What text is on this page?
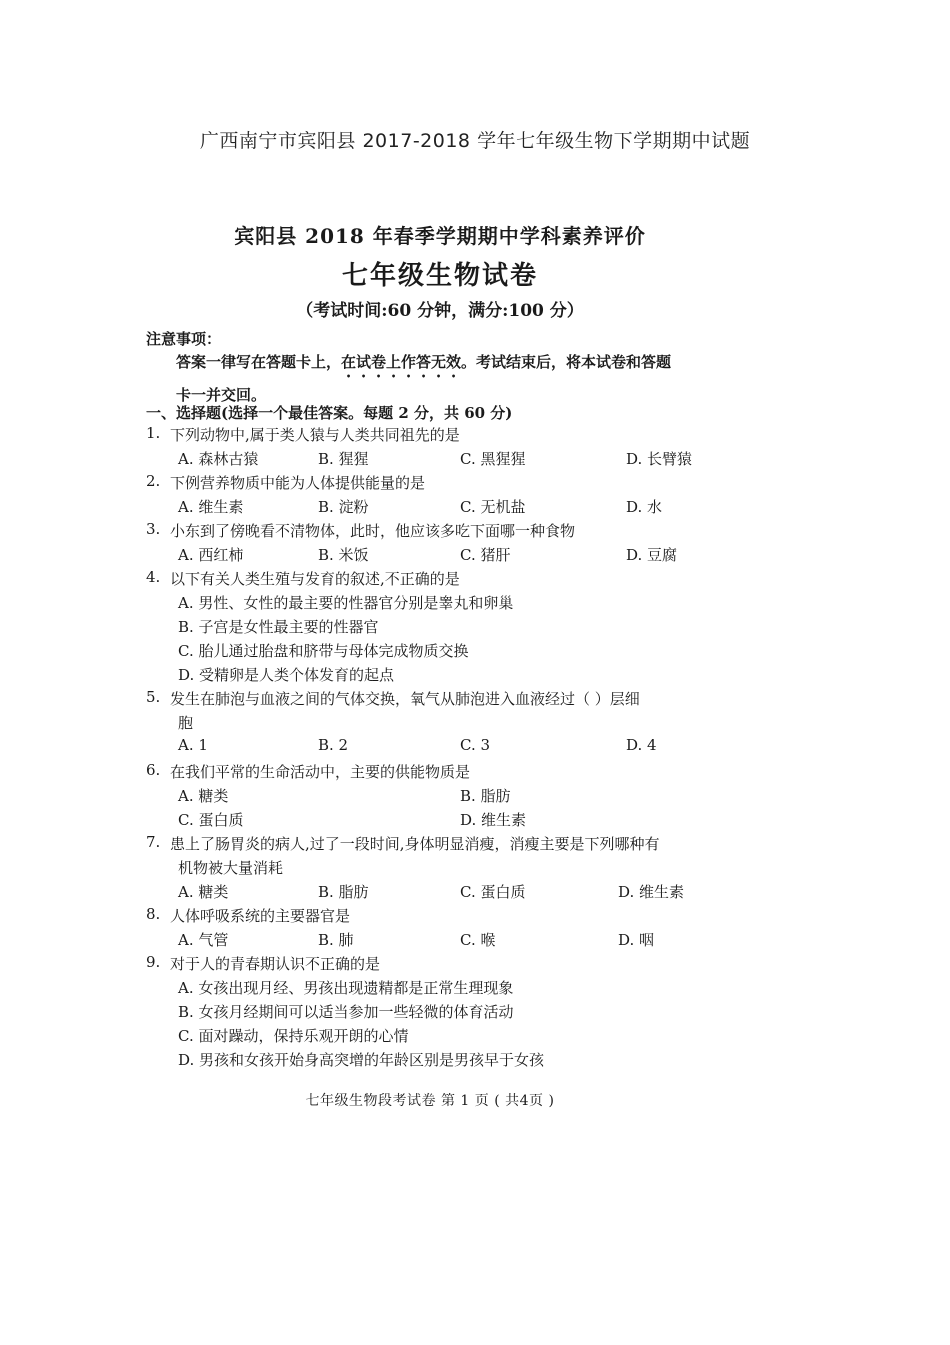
广西南宁市宾阳县 2017-2018 学年七年级生物下学期期中试题
宾阳县 2018 年春季学期期中学科素养评价
七年级生物试卷
（考试时间:60 分钟，满分:100 分）
注意事项：
答案一律写在答题卡上，在试卷上作答无效。考试结束后，将本试卷和答题
卡一并交回。
一、选择题(选择一个最佳答案。每题 2 分，共 60 分)
1. 下列动物中,属于类人猿与人类共同祖先的是
A. 森林古猿	B. 猩猩	C. 黑猩猩	D. 长臂猿
2. 下例营养物质中能为人体提供能量的是
A. 维生素	B. 淀粉	C. 无机盐	D. 水
3. 小东到了傍晚看不清物体，此时，他应该多吃下面哪一种食物
A. 西红柿	B. 米饭	C. 猪肝	D. 豆腐
4. 以下有关人类生殖与发育的叙述,不正确的是
A. 男性、女性的最主要的性器官分别是睾丸和卵巢
B. 子宫是女性最主要的性器官
C. 胎儿通过胎盘和脐带与母体完成物质交换
D. 受精卵是人类个体发育的起点
5. 发生在肺泡与血液之间的气体交换，氧气从肺泡进入血液经过（ ）层细
胞
A. 1	B. 2	C. 3	D. 4
6. 在我们平常的生命活动中，主要的供能物质是
A. 糖类	B. 脂肪
C. 蛋白质	D. 维生素
7. 患上了肠胃炎的病人,过了一段时间,身体明显消瘦，消瘦主要是下列哪种有
机物被大量消耗
A. 糖类	B. 脂肪	C. 蛋白质	D. 维生素
8. 人体呼吸系统的主要器官是
A. 气管	B. 肺	C. 喉	D. 咽
9. 对于人的青春期认识不正确的是
A. 女孩出现月经、男孩出现遗精都是正常生理现象
B. 女孩月经期间可以适当参加一些轻微的体育活动
C. 面对躁动，保持乐观开朗的心情
D. 男孩和女孩开始身高突增的年龄区别是男孩早于女孩
七年级生物段考试卷 第 1 页 ( 共4页 )
